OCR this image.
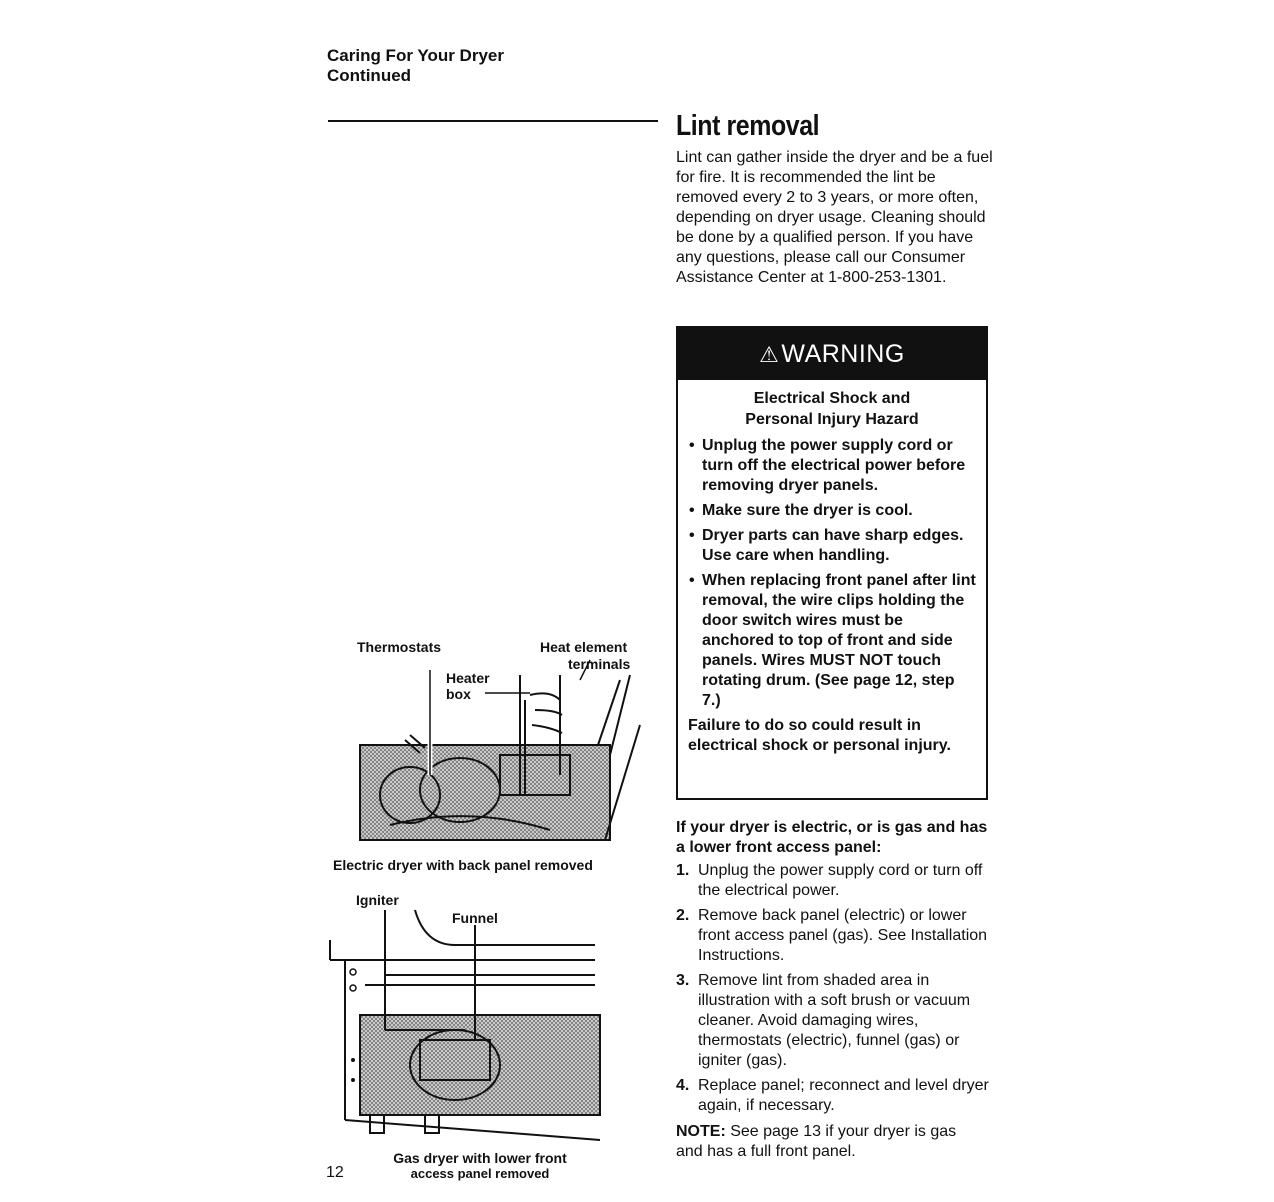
Caring For Your Dryer
Continued
Lint removal
Lint can gather inside the dryer and be a fuel for fire. It is recommended the lint be removed every 2 to 3 years, or more often, depending on dryer usage. Cleaning should be done by a qualified person. If you have any questions, please call our Consumer Assistance Center at 1-800-253-1301.
⚠WARNING
Electrical Shock and
Personal Injury Hazard
• Unplug the power supply cord or turn off the electrical power before removing dryer panels.
• Make sure the dryer is cool.
• Dryer parts can have sharp edges. Use care when handling.
• When replacing front panel after lint removal, the wire clips holding the door switch wires must be anchored to top of front and side panels. Wires MUST NOT touch rotating drum. (See page 12, step 7.)
Failure to do so could result in electrical shock or personal injury.
If your dryer is electric, or is gas and has a lower front access panel:
1. Unplug the power supply cord or turn off the electrical power.
2. Remove back panel (electric) or lower front access panel (gas). See Installation Instructions.
3. Remove lint from shaded area in illustration with a soft brush or vacuum cleaner. Avoid damaging wires, thermostats (electric), funnel (gas) or igniter (gas).
4. Replace panel; reconnect and level dryer again, if necessary.
NOTE: See page 13 if your dryer is gas and has a full front panel.
Thermostats	Heat element
terminals
Heater
box
Electric dryer with back panel removed
Igniter
Funnel
Gas dryer with lower front
access panel removed
12
